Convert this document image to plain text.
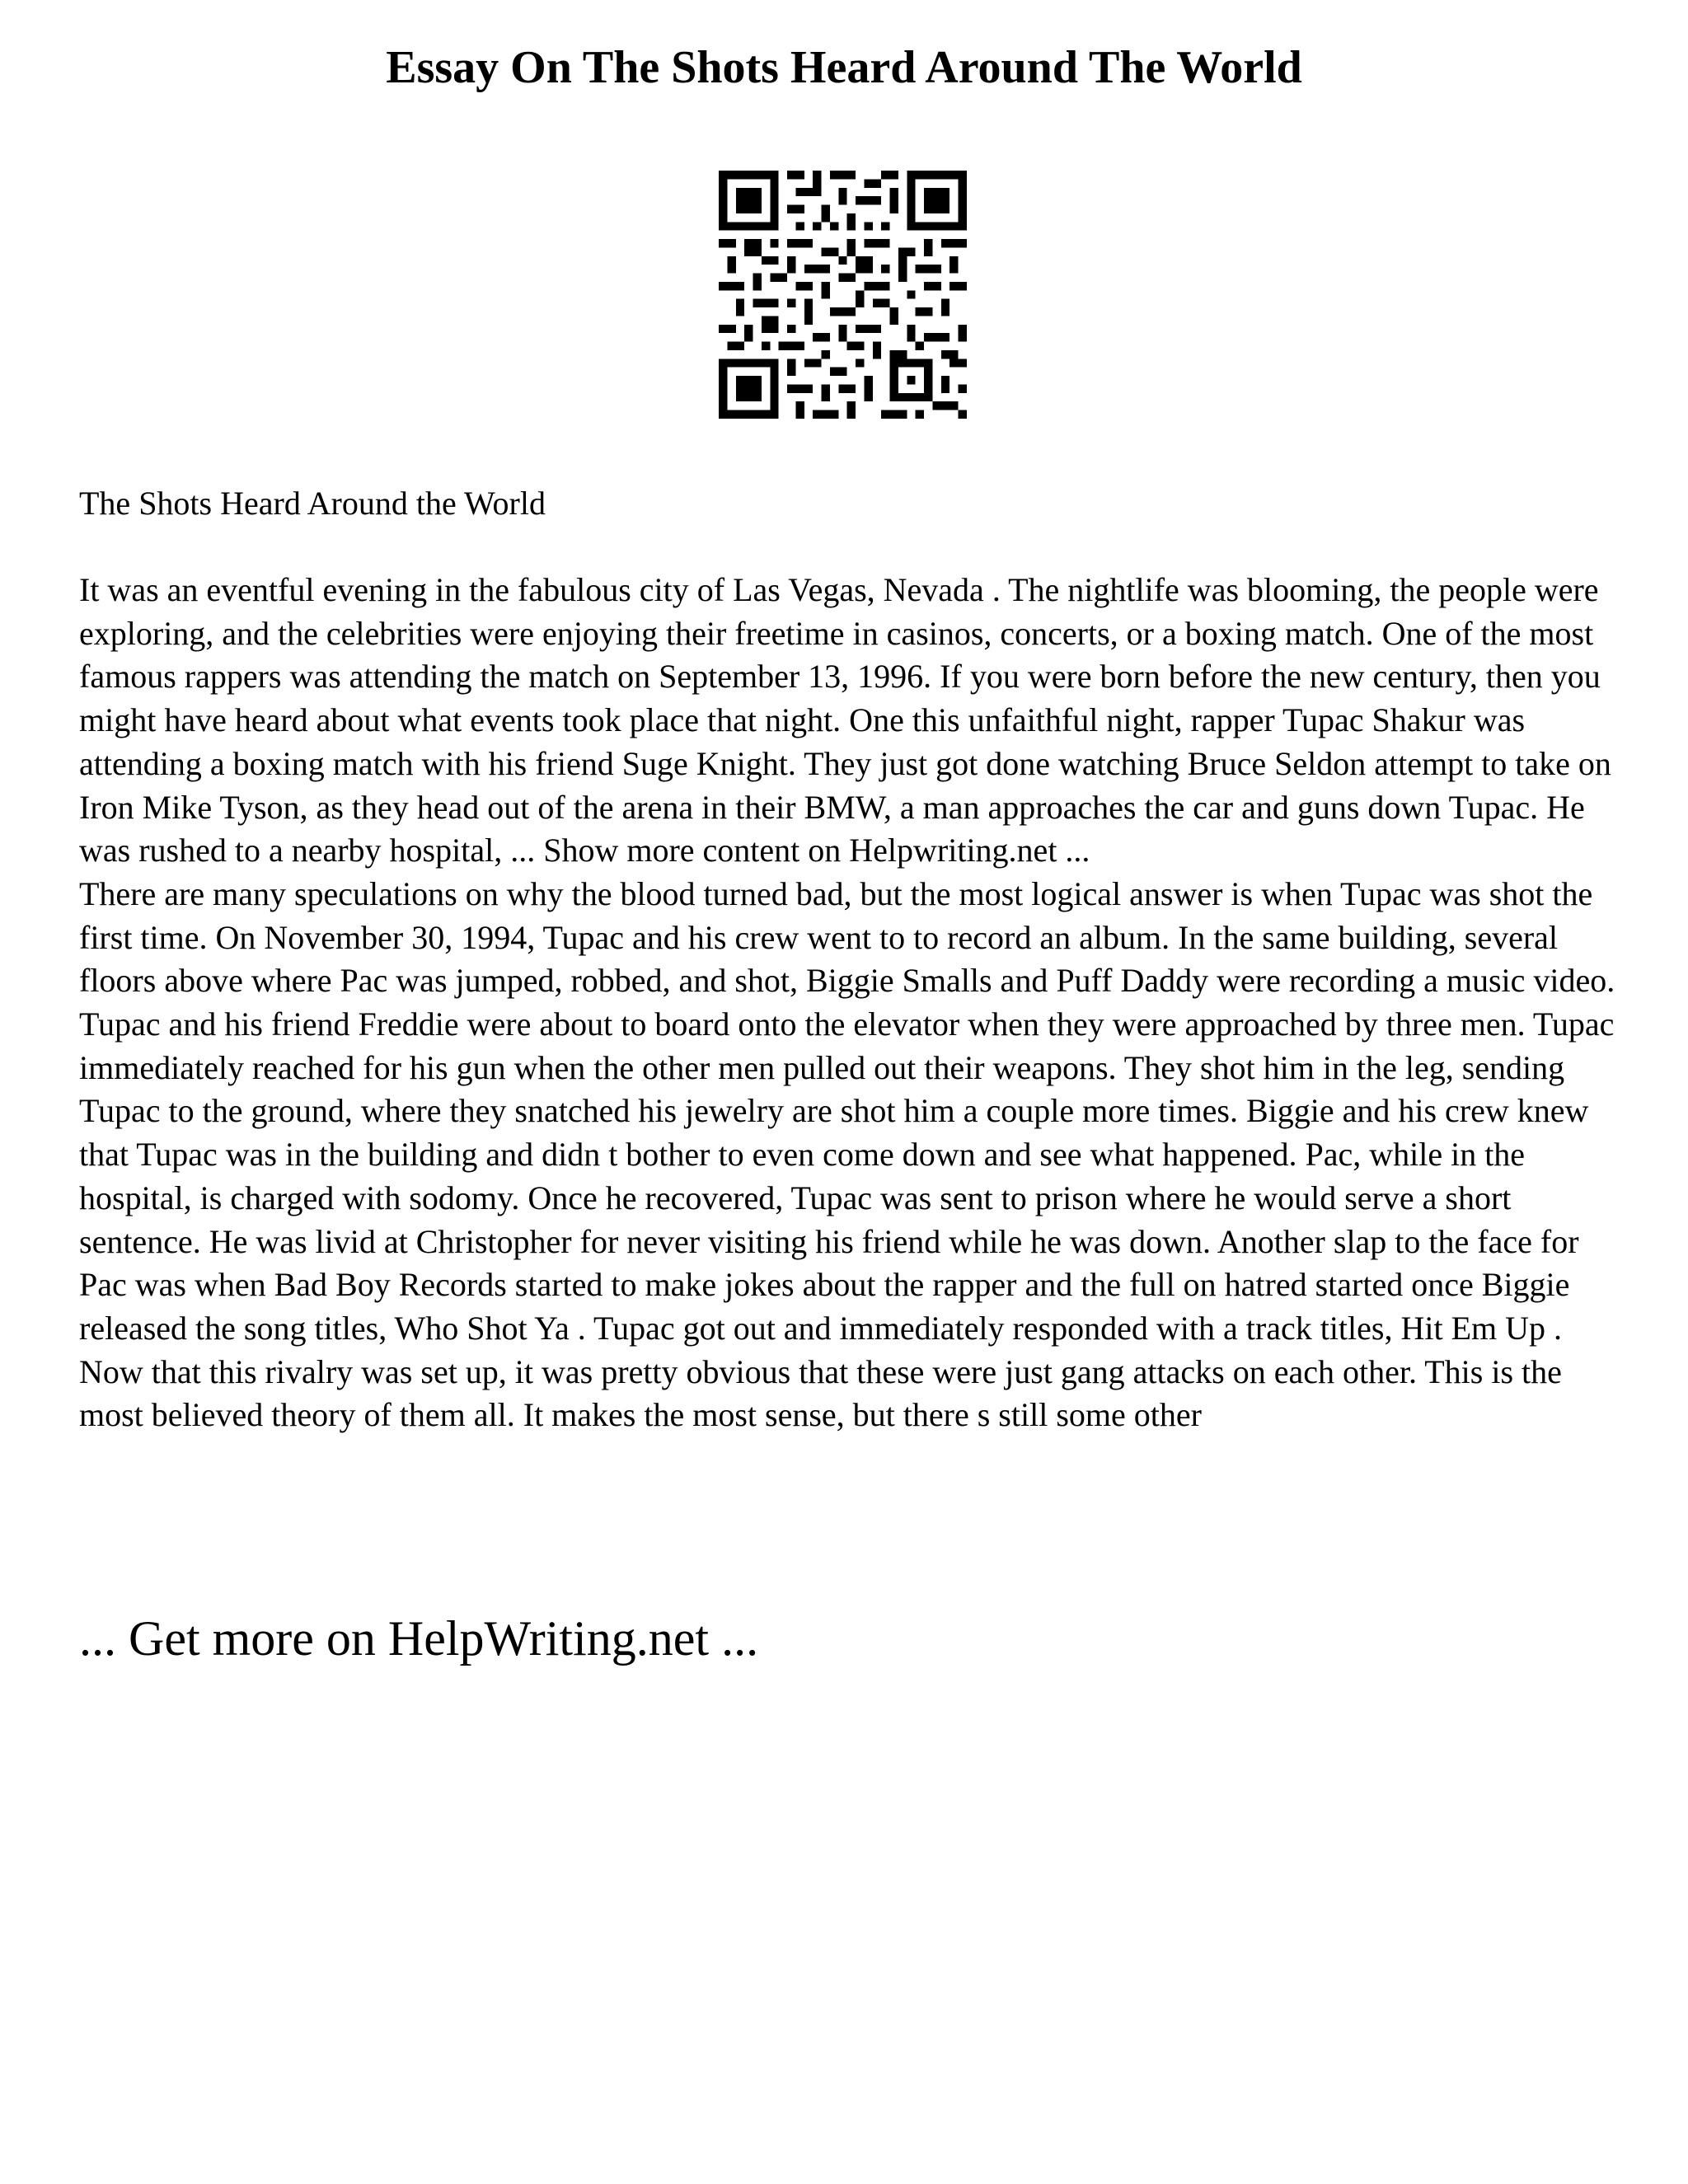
Essay On The Shots Heard Around The World

The Shots Heard Around the World

It was an eventful evening in the fabulous city of Las Vegas, Nevada . The nightlife was blooming, the people were exploring, and the celebrities were enjoying their freetime in casinos, concerts, or a boxing match. One of the most famous rappers was attending the match on September 13, 1996. If you were born before the new century, then you might have heard about what events took place that night. One this unfaithful night, rapper Tupac Shakur was attending a boxing match with his friend Suge Knight. They just got done watching Bruce Seldon attempt to take on Iron Mike Tyson, as they head out of the arena in their BMW, a man approaches the car and guns down Tupac. He was rushed to a nearby hospital, ... Show more content on Helpwriting.net ...

There are many speculations on why the blood turned bad, but the most logical answer is when Tupac was shot the first time. On November 30, 1994, Tupac and his crew went to to record an album. In the same building, several floors above where Pac was jumped, robbed, and shot, Biggie Smalls and Puff Daddy were recording a music video. Tupac and his friend Freddie were about to board onto the elevator when they were approached by three men. Tupac immediately reached for his gun when the other men pulled out their weapons. They shot him in the leg, sending Tupac to the ground, where they snatched his jewelry are shot him a couple more times. Biggie and his crew knew that Tupac was in the building and didn t bother to even come down and see what happened. Pac, while in the hospital, is charged with sodomy. Once he recovered, Tupac was sent to prison where he would serve a short sentence. He was livid at Christopher for never visiting his friend while he was down. Another slap to the face for Pac was when Bad Boy Records started to make jokes about the rapper and the full on hatred started once Biggie released the song titles, Who Shot Ya . Tupac got out and immediately responded with a track titles, Hit Em Up . Now that this rivalry was set up, it was pretty obvious that these were just gang attacks on each other. This is the most believed theory of them all. It makes the most sense, but there s still some other

... Get more on HelpWriting.net ...
